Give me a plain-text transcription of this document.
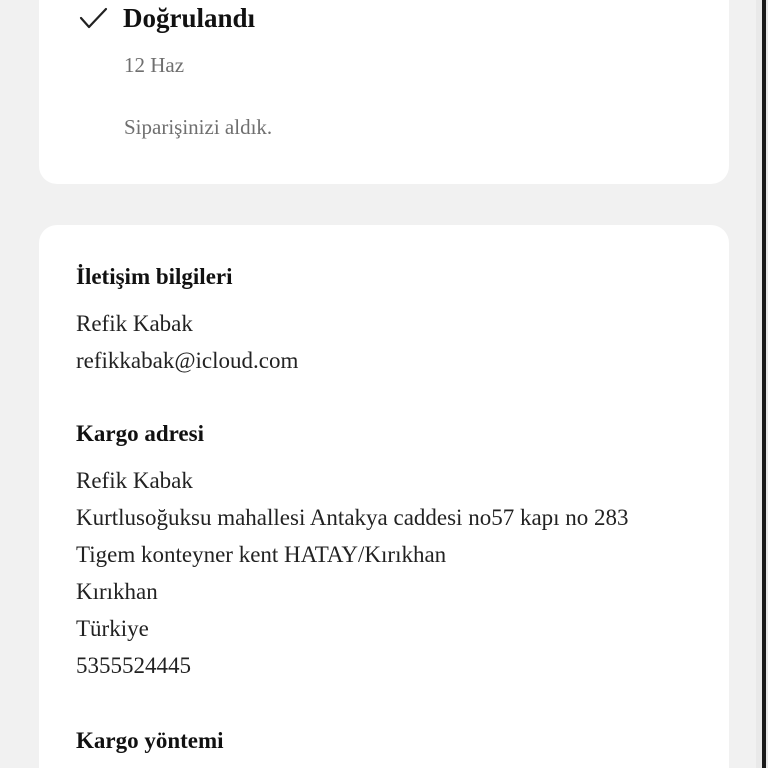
Doğrulandı
12 Haz
Siparişinizi aldık.
İletişim bilgileri
Refik Kabak
refikkabak@icloud.com
Kargo adresi
Refik Kabak
Kurtlusoğuksu mahallesi Antakya caddesi no57 kapı no 283
Tigem konteyner kent HATAY/Kırıkhan
Kırıkhan
Türkiye
5355524445
Kargo yöntemi
